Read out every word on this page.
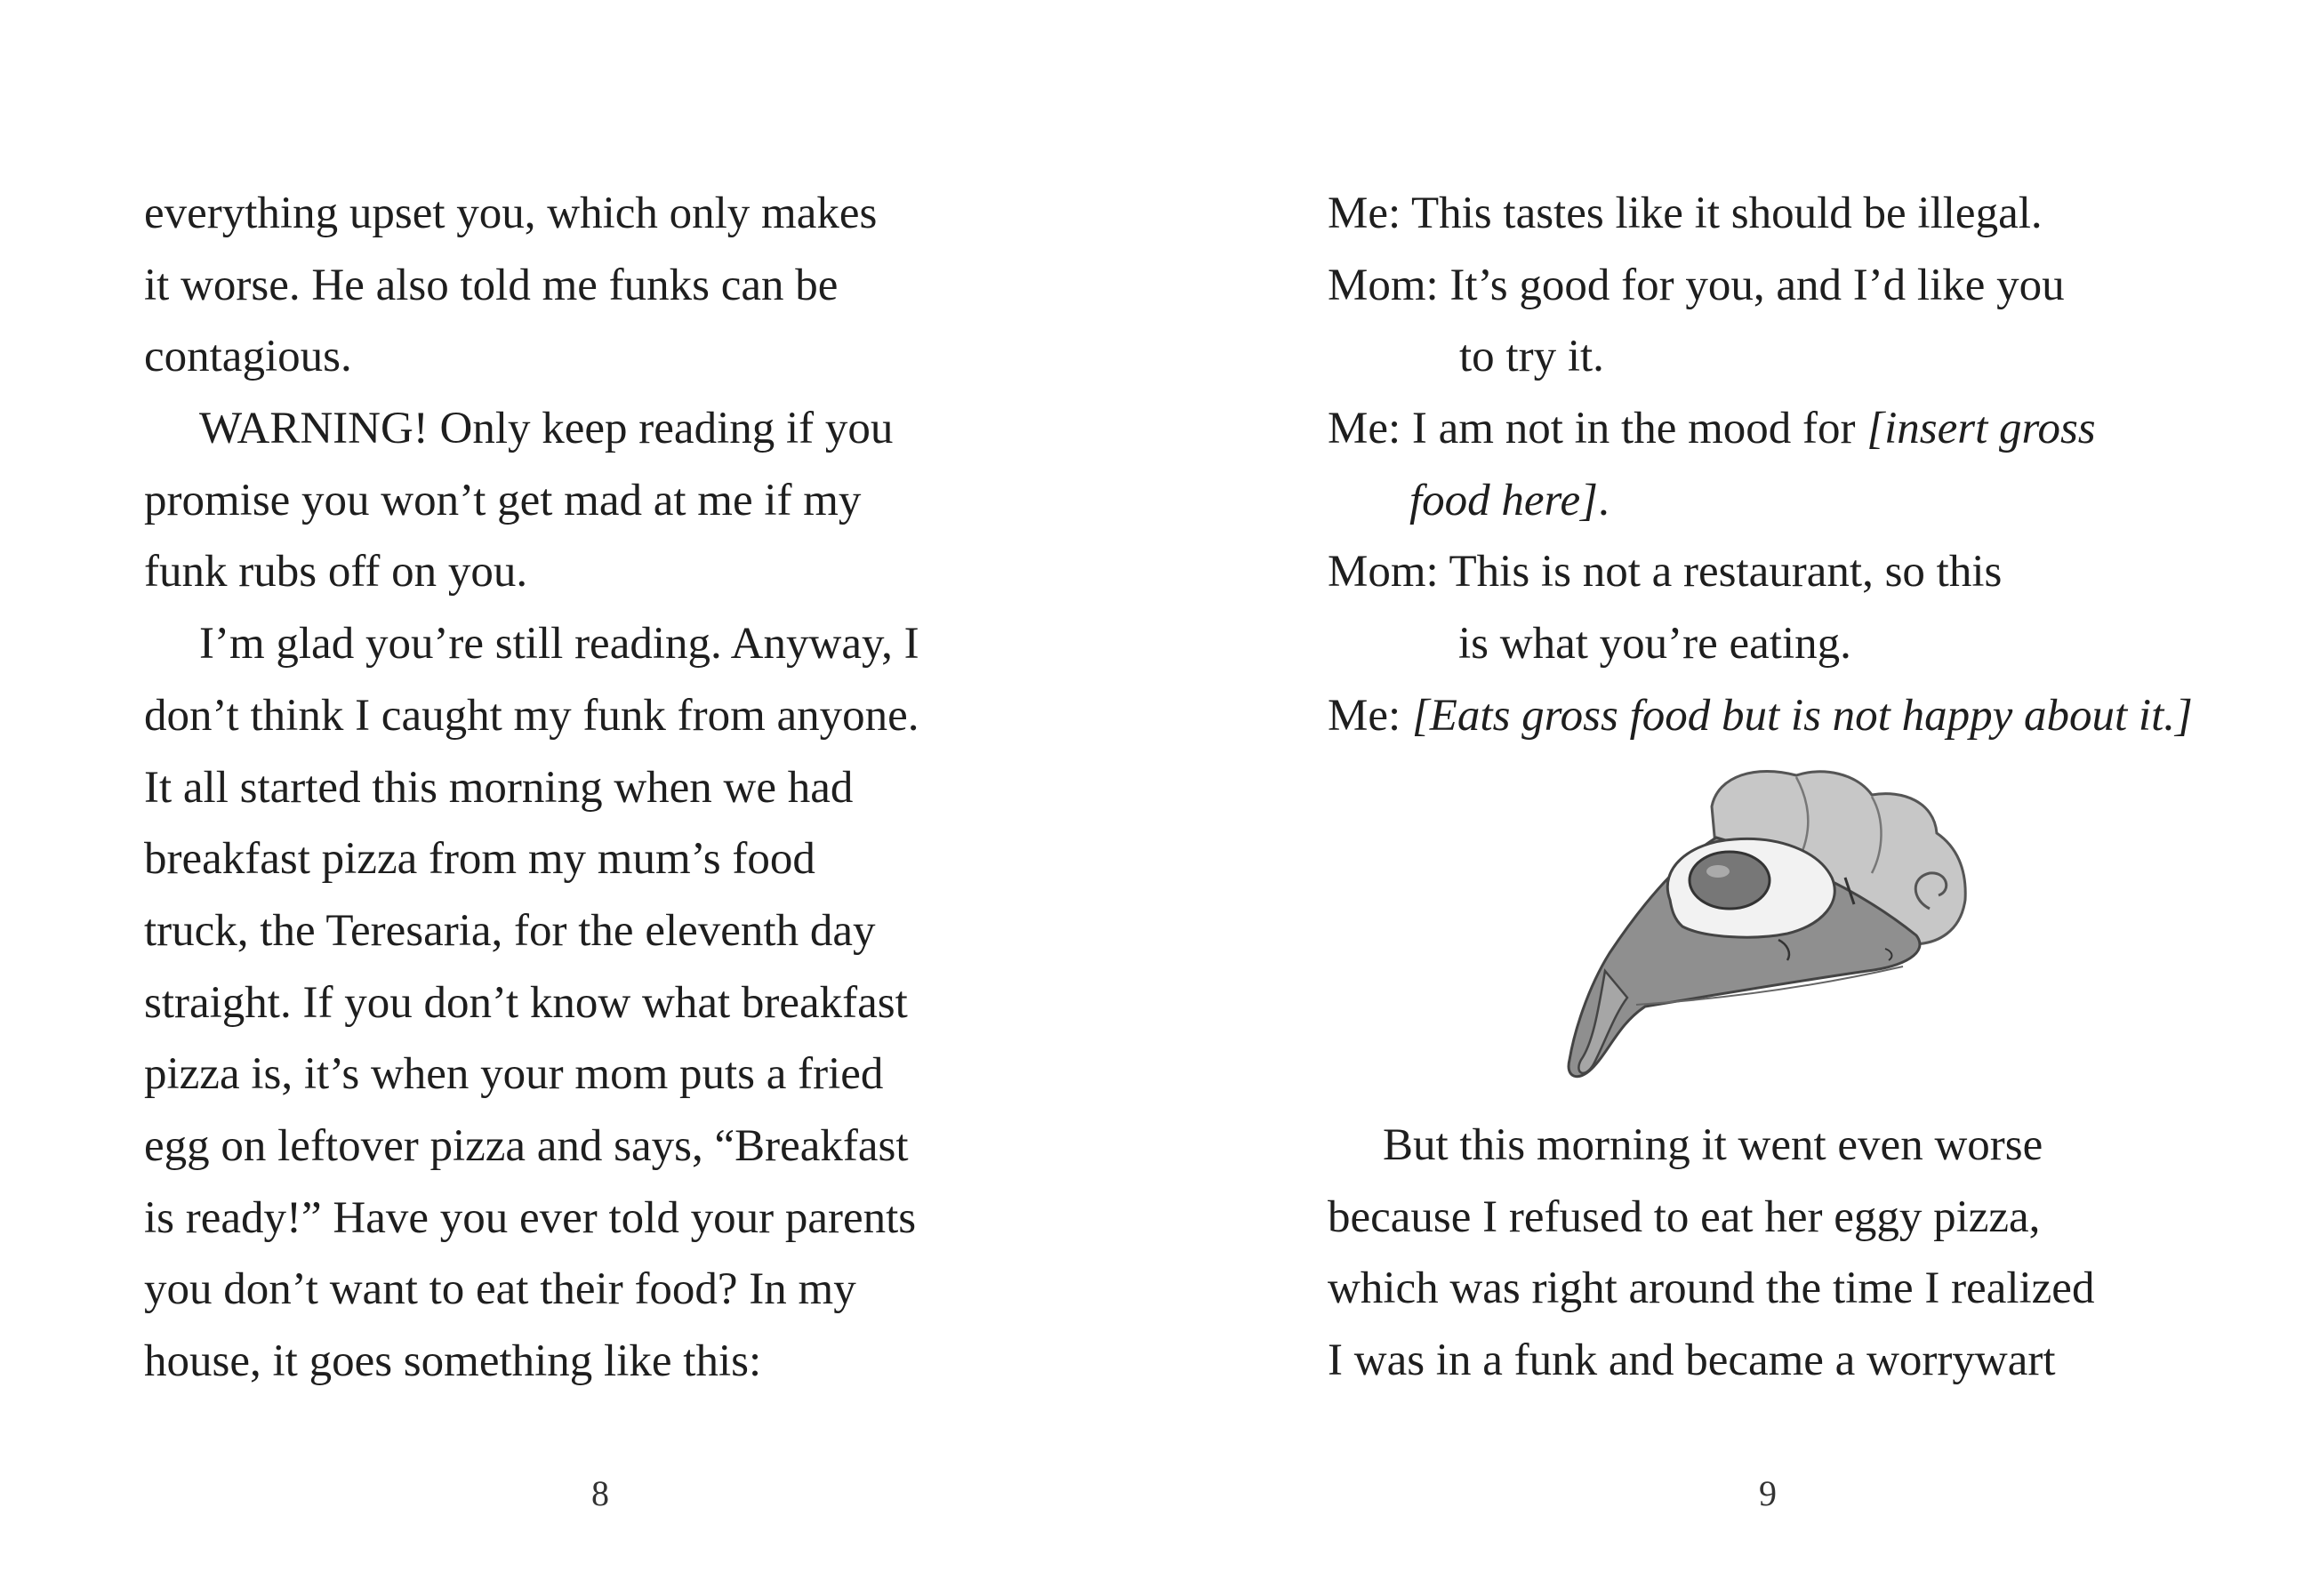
everything upset you, which only makes
it worse. He also told me funks can be
contagious.
WARNING! Only keep reading if you
promise you won’t get mad at me if my
funk rubs off on you.
I’m glad you’re still reading. Anyway, I
don’t think I caught my funk from anyone.
It all started this morning when we had
breakfast pizza from my mum’s food
truck, the Teresaria, for the eleventh day
straight. If you don’t know what breakfast
pizza is, it’s when your mom puts a fried
egg on leftover pizza and says, “Breakfast
is ready!” Have you ever told your parents
you don’t want to eat their food? In my
house, it goes something like this:
8
Me: This tastes like it should be illegal.
Mom: It’s good for you, and I’d like you
to try it.
Me: I am not in the mood for [insert gross
food here].
Mom: This is not a restaurant, so this
is what you’re eating.
Me: [Eats gross food but is not happy about it.]
But this morning it went even worse
because I refused to eat her eggy pizza,
which was right around the time I realized
I was in a funk and became a worrywart
9
